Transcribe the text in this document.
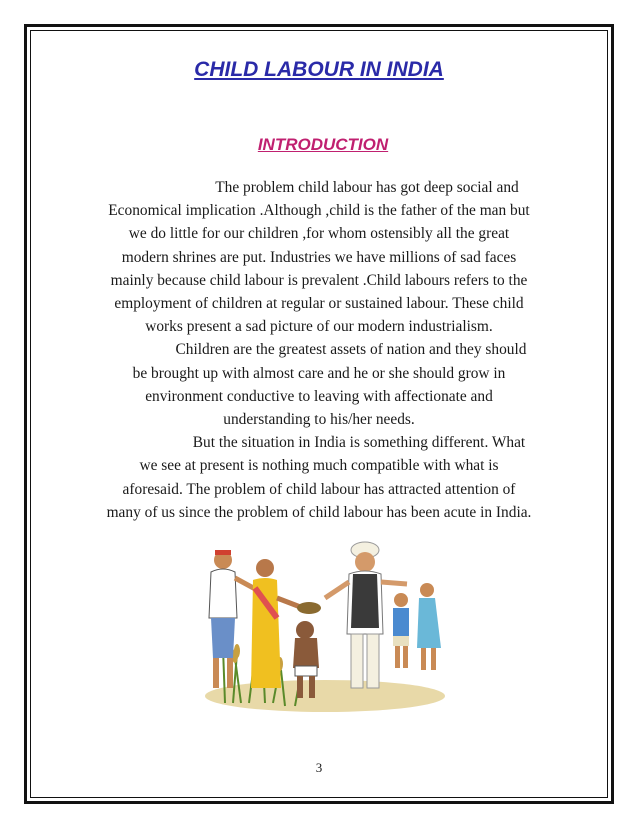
CHILD LABOUR IN INDIA
INTRODUCTION
The problem child labour has got deep social and
Economical implication .Although ,child is the father of the man but
we do little for our children ,for whom ostensibly all the great
modern shrines are put. Industries we have millions of sad faces
mainly because child labour is prevalent .Child labours refers to the
employment of children at regular or sustained labour. These child
works present a sad picture of our modern industrialism.
Children are the greatest assets of nation and they should
be brought up with almost care and he or she should grow in
environment conductive to leaving with affectionate and
understanding to his/her needs.
But the situation in India is something different. What
we see at present is nothing much compatible with what is
aforesaid. The problem of child labour has attracted attention of
many of us since the problem of child labour has been acute in India.
3
